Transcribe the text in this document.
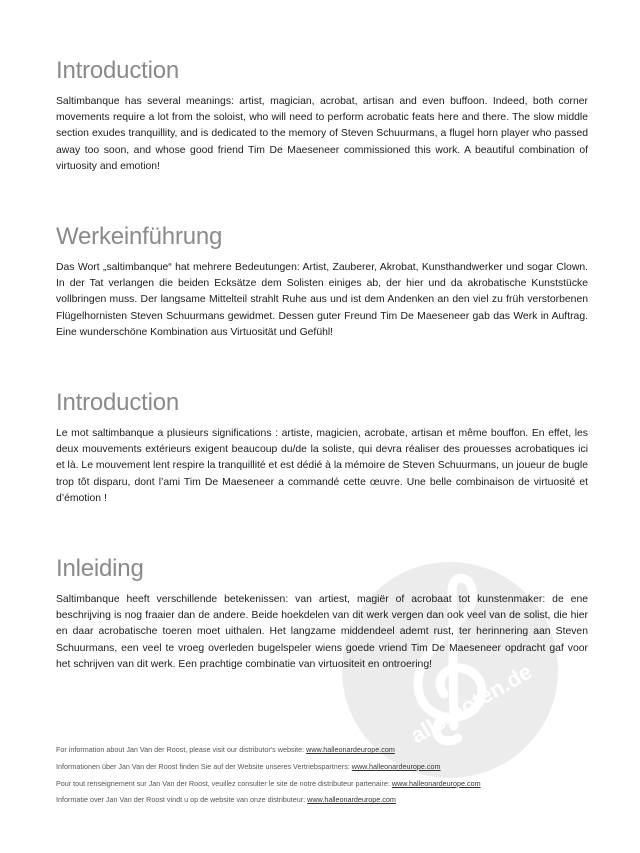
alle-noten.de
Introduction

Saltimbanque has several meanings: artist, magician, acrobat, artisan and even buffoon. Indeed, both corner movements require a lot from the soloist, who will need to perform acrobatic feats here and there. The slow middle section exudes tranquillity, and is dedicated to the memory of Steven Schuurmans, a flugel horn player who passed away too soon, and whose good friend Tim De Maeseneer commissioned this work. A beautiful combination of virtuosity and emotion!

Werkeinführung

Das Wort „saltimbanque“ hat mehrere Bedeutungen: Artist, Zauberer, Akrobat, Kunsthandwerker und sogar Clown. In der Tat verlangen die beiden Ecksätze dem Solisten einiges ab, der hier und da akrobatische Kunststücke vollbringen muss. Der langsame Mittelteil strahlt Ruhe aus und ist dem Andenken an den viel zu früh verstorbenen Flügelhornisten Steven Schuurmans gewidmet. Dessen guter Freund Tim De Maeseneer gab das Werk in Auftrag. Eine wunderschöne Kombination aus Virtuosität und Gefühl!

Introduction

Le mot saltimbanque a plusieurs significations : artiste, magicien, acrobate, artisan et même bouffon. En effet, les deux mouvements extérieurs exigent beaucoup du/de la soliste, qui devra réaliser des prouesses acrobatiques ici et là. Le mouvement lent respire la tranquillité et est dédié à la mémoire de Steven Schuurmans, un joueur de bugle trop tôt disparu, dont l’ami Tim De Maeseneer a commandé cette œuvre. Une belle combinaison de virtuosité et d’émotion !

Inleiding

Saltimbanque heeft verschillende betekenissen: van artiest, magiër of acrobaat tot kunstenmaker: de ene beschrijving is nog fraaier dan de andere. Beide hoekdelen van dit werk vergen dan ook veel van de solist, die hier en daar acrobatische toeren moet uithalen. Het langzame middendeel ademt rust, ter herinnering aan Steven Schuurmans, een veel te vroeg overleden bugelspeler wiens goede vriend Tim De Maeseneer opdracht gaf voor het schrijven van dit werk. Een prachtige combinatie van virtuositeit en ontroering!

For information about Jan Van der Roost, please visit our distributor's website: www.halleonardeurope.com
Informationen über Jan Van der Roost finden Sie auf der Website unseres Vertriebspartners: www.halleonardeurope.com
Pour tout renseignement sur Jan Van der Roost, veuillez consulter le site de notre distributeur partenaire: www.halleonardeurope.com
Informatie over Jan Van der Roost vindt u op de website van onze distributeur: www.halleonardeurope.com
